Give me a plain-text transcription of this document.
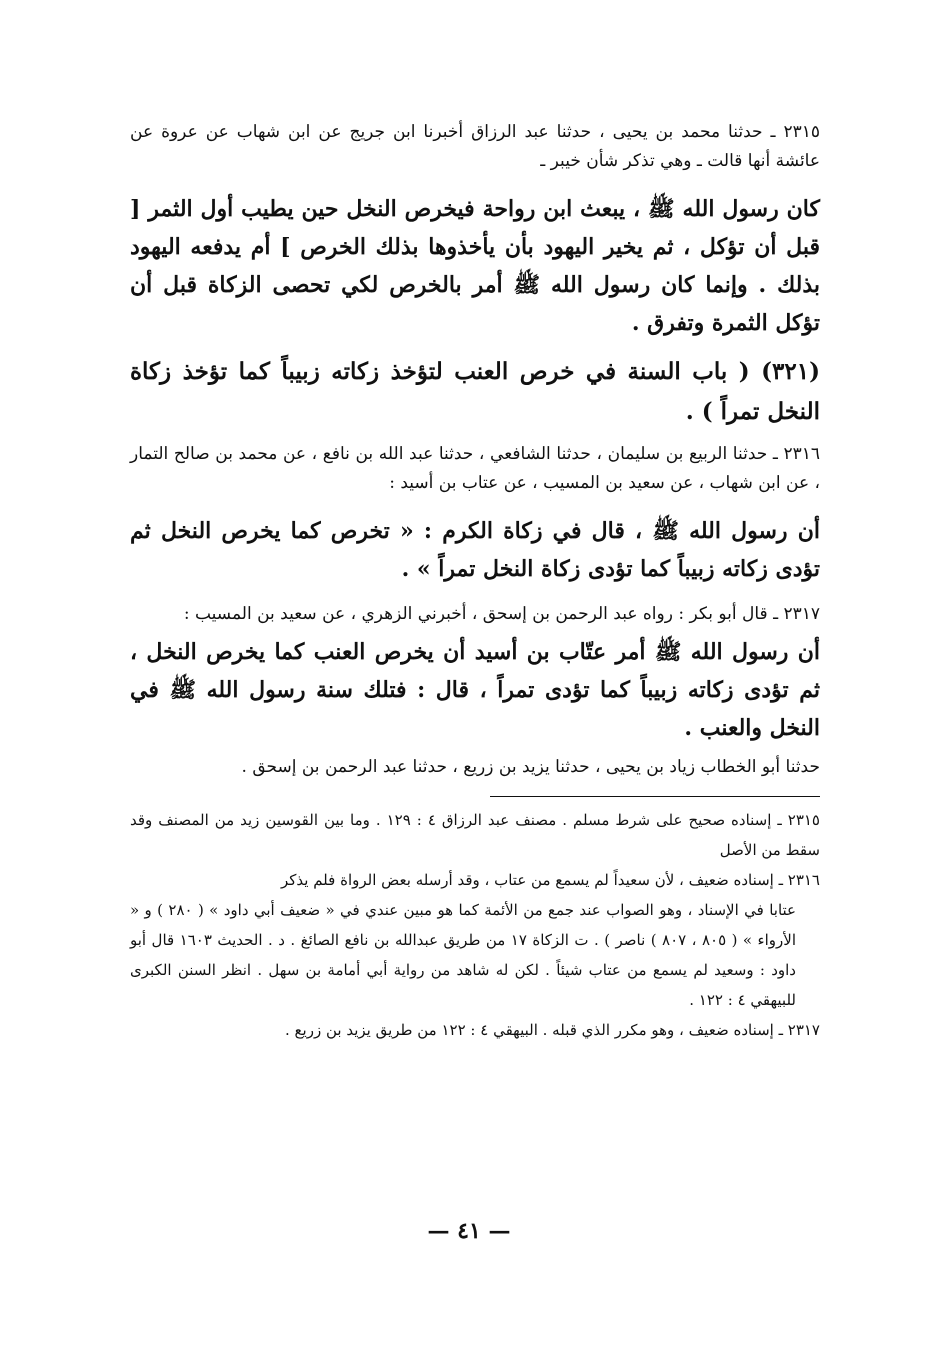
٢٣١٥ ـ حدثنا محمد بن يحيى ، حدثنا عبد الرزاق أخبرنا ابن جريج عن ابن شهاب عن عروة عن عائشة أنها قالت ـ وهي تذكر شأن خيبر ـ

كان رسول الله ﷺ ، يبعث ابن رواحة فيخرص النخل حين يطيب أول الثمر [ قبل أن تؤكل ، ثم يخير اليهود بأن يأخذوها بذلك الخرص ] أم يدفعه اليهود بذلك . وإنما كان رسول الله ﷺ أمر بالخرص لكي تحصى الزكاة قبل أن تؤكل الثمرة وتفرق .

(٣٢١) ( باب السنة في خرص العنب لتؤخذ زكاته زبيباً كما تؤخذ زكاة النخل تمراً ) .

٢٣١٦ ـ حدثنا الربيع بن سليمان ، حدثنا الشافعي ، حدثنا عبد الله بن نافع ، عن محمد بن صالح التمار ، عن ابن شهاب ، عن سعيد بن المسيب ، عن عتاب بن أسيد :

أن رسول الله ﷺ ، قال في زكاة الكرم : « تخرص كما يخرص النخل ثم تؤدى زكاته زبيباً كما تؤدى زكاة النخل تمراً » .

٢٣١٧ ـ قال أبو بكر : رواه عبد الرحمن بن إسحق ، أخبرني الزهري ، عن سعيد بن المسيب :

أن رسول الله ﷺ أمر عتّاب بن أسيد أن يخرص العنب كما يخرص النخل ، ثم تؤدى زكاته زبيباً كما تؤدى تمراً ، قال : فتلك سنة رسول الله ﷺ في النخل والعنب .

حدثنا أبو الخطاب زياد بن يحيى ، حدثنا يزيد بن زريع ، حدثنا عبد الرحمن بن إسحق .

٢٣١٥ ـ إسناده صحيح على شرط مسلم . مصنف عبد الرزاق ٤ : ١٢٩ . وما بين القوسين زيد من المصنف وقد سقط من الأصل

٢٣١٦ ـ إسناده ضعيف ، لأن سعيداً لم يسمع من عتاب ، وقد أرسله بعض الرواة فلم يذكر

عتابا في الإسناد ، وهو الصواب عند جمع من الأئمة كما هو مبين عندي في « ضعيف أبي داود » ( ٢٨٠ ) و « الأرواء » ( ٨٠٥ ، ٨٠٧ ) ناصر ) . ت الزكاة ١٧ من طريق عبدالله بن نافع الصائغ . د . الحديث ١٦٠٣ قال أبو داود : وسعيد لم يسمع من عتاب شيئاً . لكن له شاهد من رواية أبي أمامة بن سهل . انظر السنن الكبرى للبيهقي ٤ : ١٢٢ .

٢٣١٧ ـ إسناده ضعيف ، وهو مكرر الذي قبله . البيهقي ٤ : ١٢٢ من طريق يزيد بن زريع .

— ٤١ —
